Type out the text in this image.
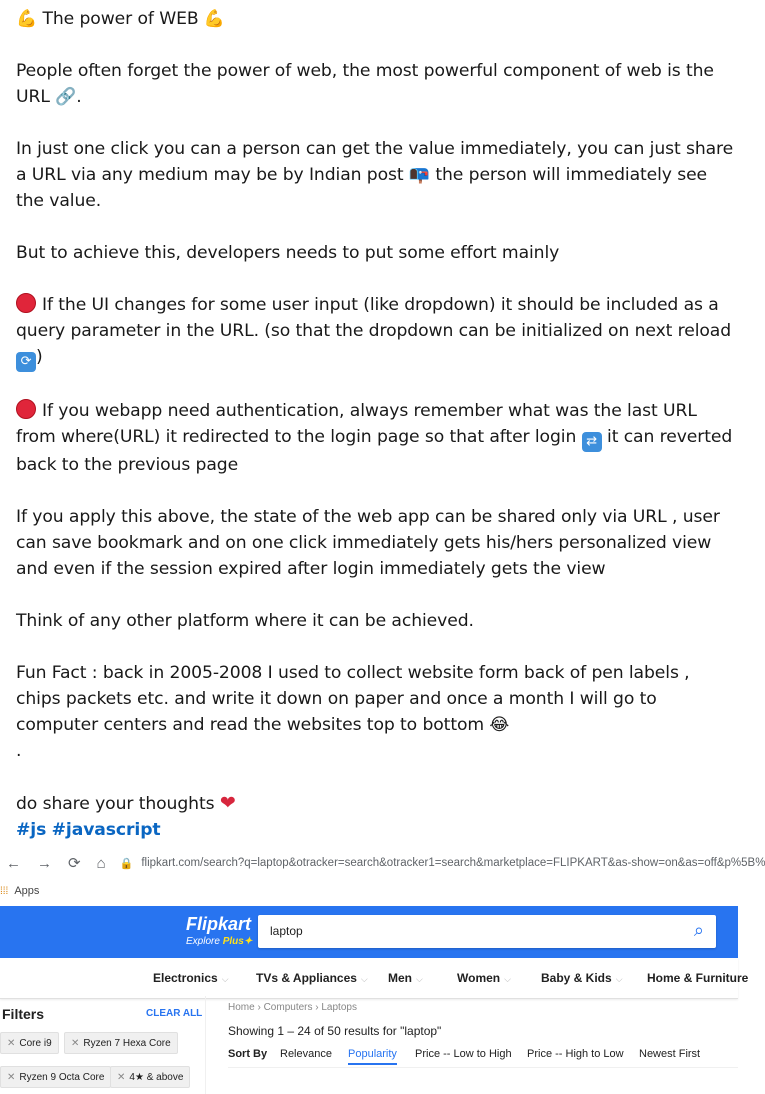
💪 The power of WEB 💪

People often forget the power of web, the most powerful component of web is the URL 🔗.

In just one click you can a person can get the value immediately, you can just share a URL via any medium may be by Indian post 📭 the person will immediately see the value.

But to achieve this, developers needs to put some effort mainly

If the UI changes for some user input (like dropdown) it should be included as a query parameter in the URL. (so that the dropdown can be initialized on next reload ⟳ )

If you webapp need authentication, always remember what was the last URL from where(URL) it redirected to the login page so that after login ⇄ it can reverted back to the previous page

If you apply this above, the state of the web app can be shared only via URL , user can save bookmark and on one click immediately gets his/hers personalized view and even if the session expired after login immediately gets the view

Think of any other platform where it can be achieved.

Fun Fact : back in 2005-2008 I used to collect website form back of pen labels , chips packets etc. and write it down on paper and once a month I will go to computer centers and read the websites top to bottom 😂

.

do share your thoughts ❤

#js #javascript

← → ⟳ ⌂ 🔒 flipkart.com/search?q=laptop&otracker=search&otracker1=search&marketplace=FLIPKART&as-show=on&as=off&p%5B%
⁞⁞⁞ Apps
Flipkart
Explore Plus✦
laptop	⌕
Electronics ⌵ TVs & Appliances ⌵ Men ⌵	Women ⌵	Baby & Kids ⌵ Home & Furniture
Filters	CLEAR ALL
✕ Core i9	✕ Ryzen 7 Hexa Core
✕ Ryzen 9 Octa Core	✕ 4★ & above
Home › Computers › Laptops
Showing 1 – 24 of 50 results for "laptop"
Sort By Relevance Popularity Price -- Low to High Price -- High to Low Newest First
